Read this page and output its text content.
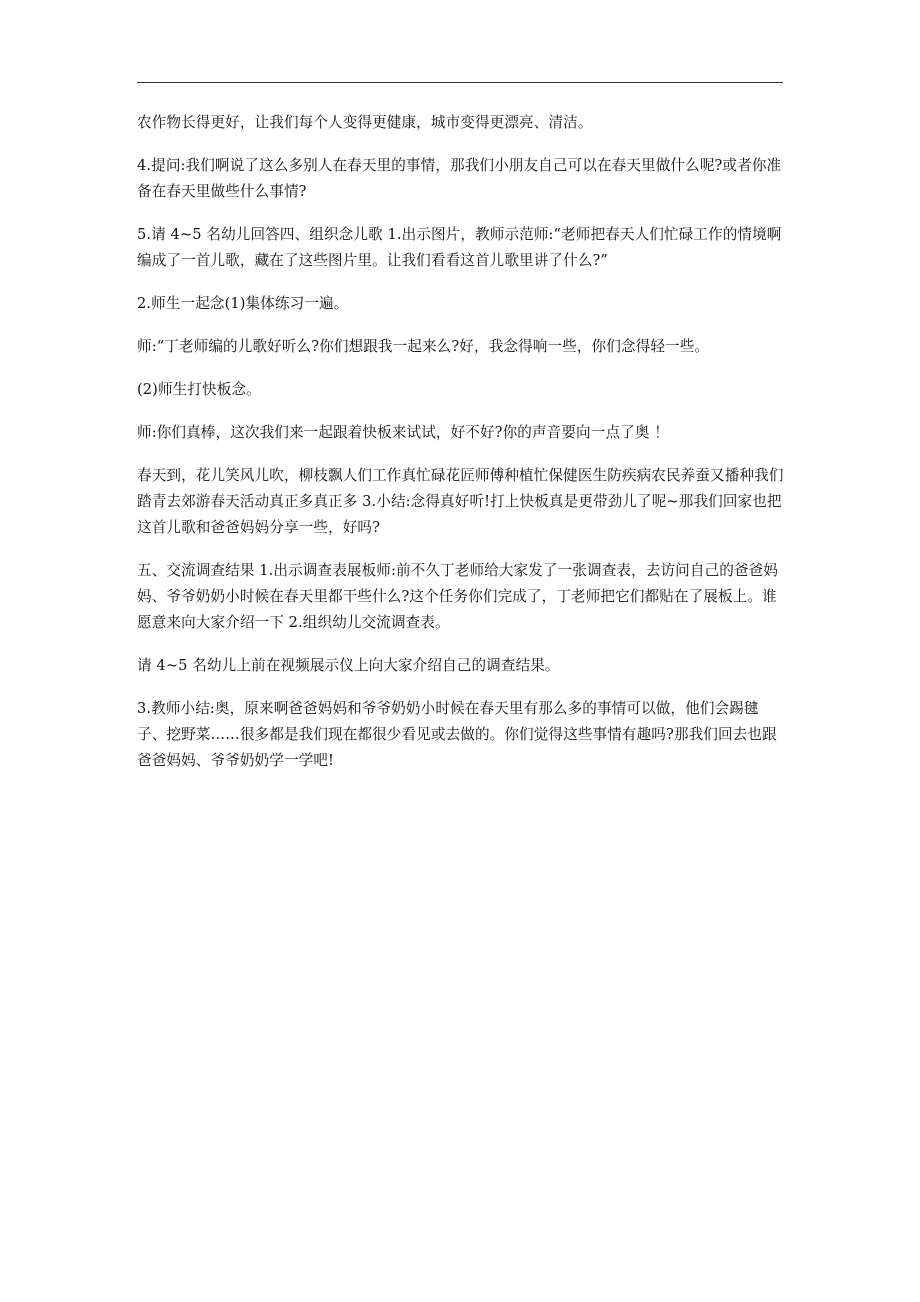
农作物长得更好，让我们每个人变得更健康，城市变得更漂亮、清洁。

4.提问:我们啊说了这么多别人在春天里的事情，那我们小朋友自己可以在春天里做什么呢?或者你准备在春天里做些什么事情?

5.请 4~5 名幼儿回答四、组织念儿歌 1.出示图片，教师示范师:“老师把春天人们忙碌工作的情境啊编成了一首儿歌，藏在了这些图片里。让我们看看这首儿歌里讲了什么?”

2.师生一起念(1)集体练习一遍。

师:“丁老师编的儿歌好听么?你们想跟我一起来么?好，我念得响一些，你们念得轻一些。

(2)师生打快板念。

师:你们真棒，这次我们来一起跟着快板来试试，好不好?你的声音要向一点了奥 ！

春天到，花儿笑风儿吹，柳枝飘人们工作真忙碌花匠师傅种植忙保健医生防疾病农民养蚕又播种我们踏青去郊游春天活动真正多真正多 3.小结:念得真好听!打上快板真是更带劲儿了呢~那我们回家也把这首儿歌和爸爸妈妈分享一些，好吗?

五、交流调查结果 1.出示调查表展板师:前不久丁老师给大家发了一张调查表，去访问自己的爸爸妈妈、爷爷奶奶小时候在春天里都干些什么?这个任务你们完成了，丁老师把它们都贴在了展板上。谁愿意来向大家介绍一下 2.组织幼儿交流调查表。

请 4~5 名幼儿上前在视频展示仪上向大家介绍自己的调查结果。

3.教师小结:奥，原来啊爸爸妈妈和爷爷奶奶小时候在春天里有那么多的事情可以做，他们会踢毽子、挖野菜……很多都是我们现在都很少看见或去做的。你们觉得这些事情有趣吗?那我们回去也跟爸爸妈妈、爷爷奶奶学一学吧!
